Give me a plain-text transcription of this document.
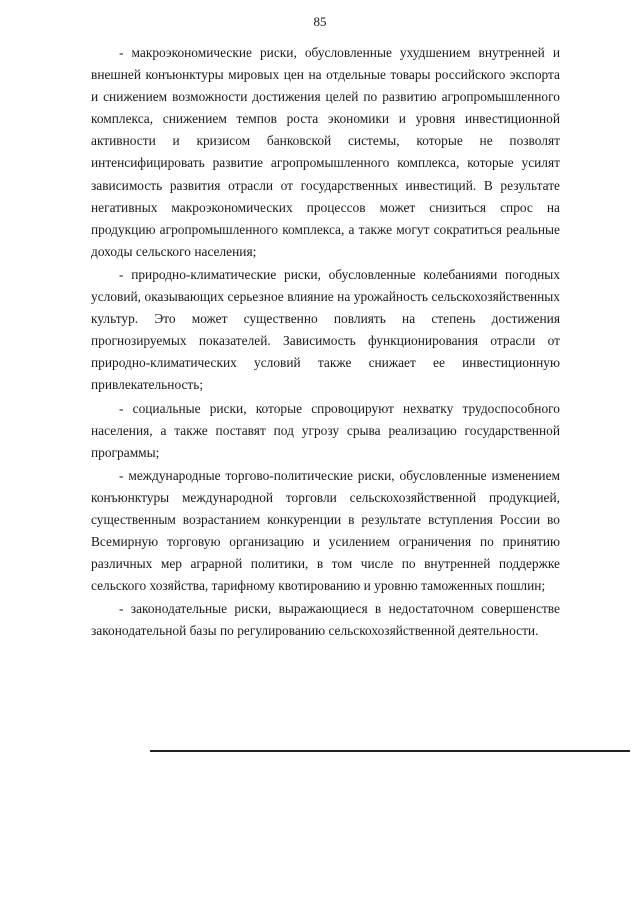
85

- макроэкономические риски, обусловленные ухудшением внутренней и внешней конъюнктуры мировых цен на отдельные товары российского экспорта и снижением возможности достижения целей по развитию агропромышленного комплекса, снижением темпов роста экономики и уровня инвестиционной активности и кризисом банковской системы, которые не позволят интенсифицировать развитие агропромышленного комплекса, которые усилят зависимость развития отрасли от государственных инвестиций. В результате негативных макроэкономических процессов может снизиться спрос на продукцию агропромышленного комплекса, а также могут сократиться реальные доходы сельского населения;

- природно-климатические риски, обусловленные колебаниями погодных условий, оказывающих серьезное влияние на урожайность сельскохозяйственных культур. Это может существенно повлиять на степень достижения прогнозируемых показателей. Зависимость функционирования отрасли от природно-климатических условий также снижает ее инвестиционную привлекательность;

- социальные риски, которые спровоцируют нехватку трудоспособного населения, а также поставят под угрозу срыва реализацию государственной программы;

- международные торгово-политические риски, обусловленные изменением конъюнктуры международной торговли сельскохозяйственной продукцией, существенным возрастанием конкуренции в результате вступления России во Всемирную торговую организацию и усилением ограничения по принятию различных мер аграрной политики, в том числе по внутренней поддержке сельского хозяйства, тарифному квотированию и уровню таможенных пошлин;

- законодательные риски, выражающиеся в недостаточном совершенстве законодательной базы по регулированию сельскохозяйственной деятельности.
